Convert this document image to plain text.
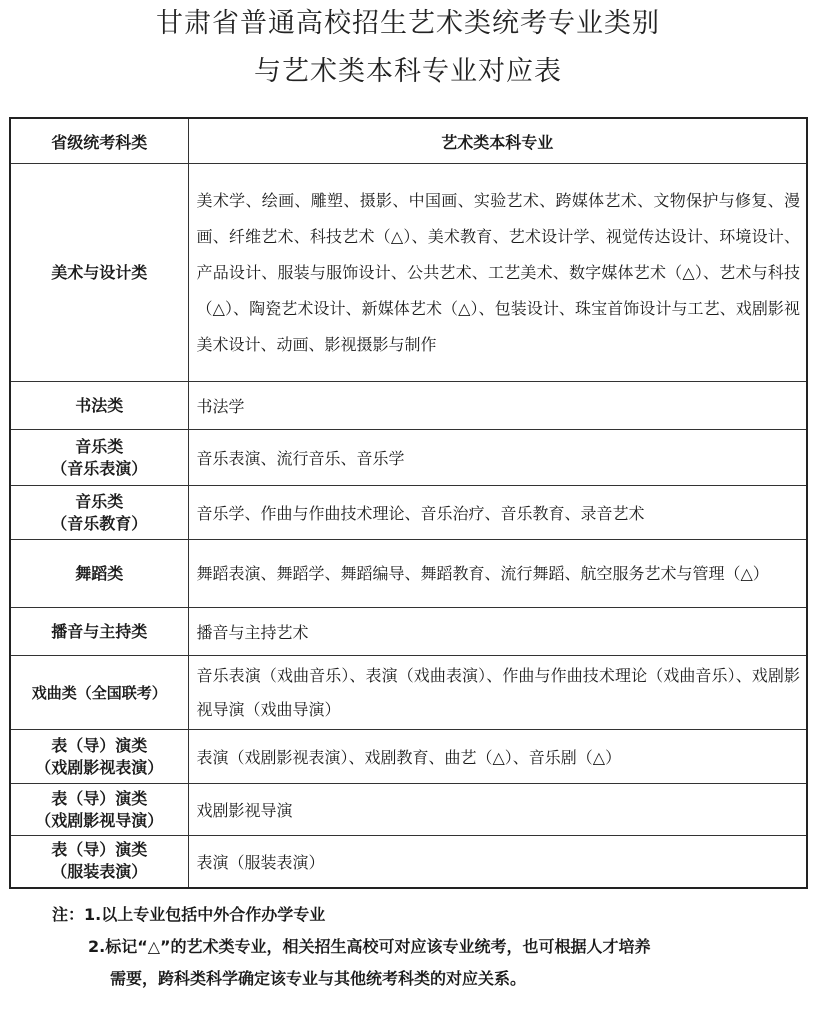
甘肃省普通高校招生艺术类统考专业类别
与艺术类本科专业对应表
省级统考科类	艺术类本科专业
美术与设计类	美术学、绘画、雕塑、摄影、中国画、实验艺术、跨媒体艺术、文物保护与修复、漫画、纤维艺术、科技艺术（△）、美术教育、艺术设计学、视觉传达设计、环境设计、产品设计、服装与服饰设计、公共艺术、工艺美术、数字媒体艺术（△）、艺术与科技（△）、陶瓷艺术设计、新媒体艺术（△）、包装设计、珠宝首饰设计与工艺、戏剧影视美术设计、动画、影视摄影与制作
书法类	书法学
音乐类
（音乐表演）	音乐表演、流行音乐、音乐学
音乐类
（音乐教育）	音乐学、作曲与作曲技术理论、音乐治疗、音乐教育、录音艺术
舞蹈类	舞蹈表演、舞蹈学、舞蹈编导、舞蹈教育、流行舞蹈、航空服务艺术与管理（△）
播音与主持类	播音与主持艺术
戏曲类（全国联考）	音乐表演（戏曲音乐）、表演（戏曲表演）、作曲与作曲技术理论（戏曲音乐）、戏剧影视导演（戏曲导演）
表（导）演类
（戏剧影视表演）	表演（戏剧影视表演）、戏剧教育、曲艺（△）、音乐剧（△）
表（导）演类
（戏剧影视导演）	戏剧影视导演
表（导）演类
（服装表演）	表演（服装表演）
注：1.以上专业包括中外合作办学专业
2.标记“△”的艺术类专业，相关招生高校可对应该专业统考，也可根据人才培养
需要，跨科类科学确定该专业与其他统考科类的对应关系。
